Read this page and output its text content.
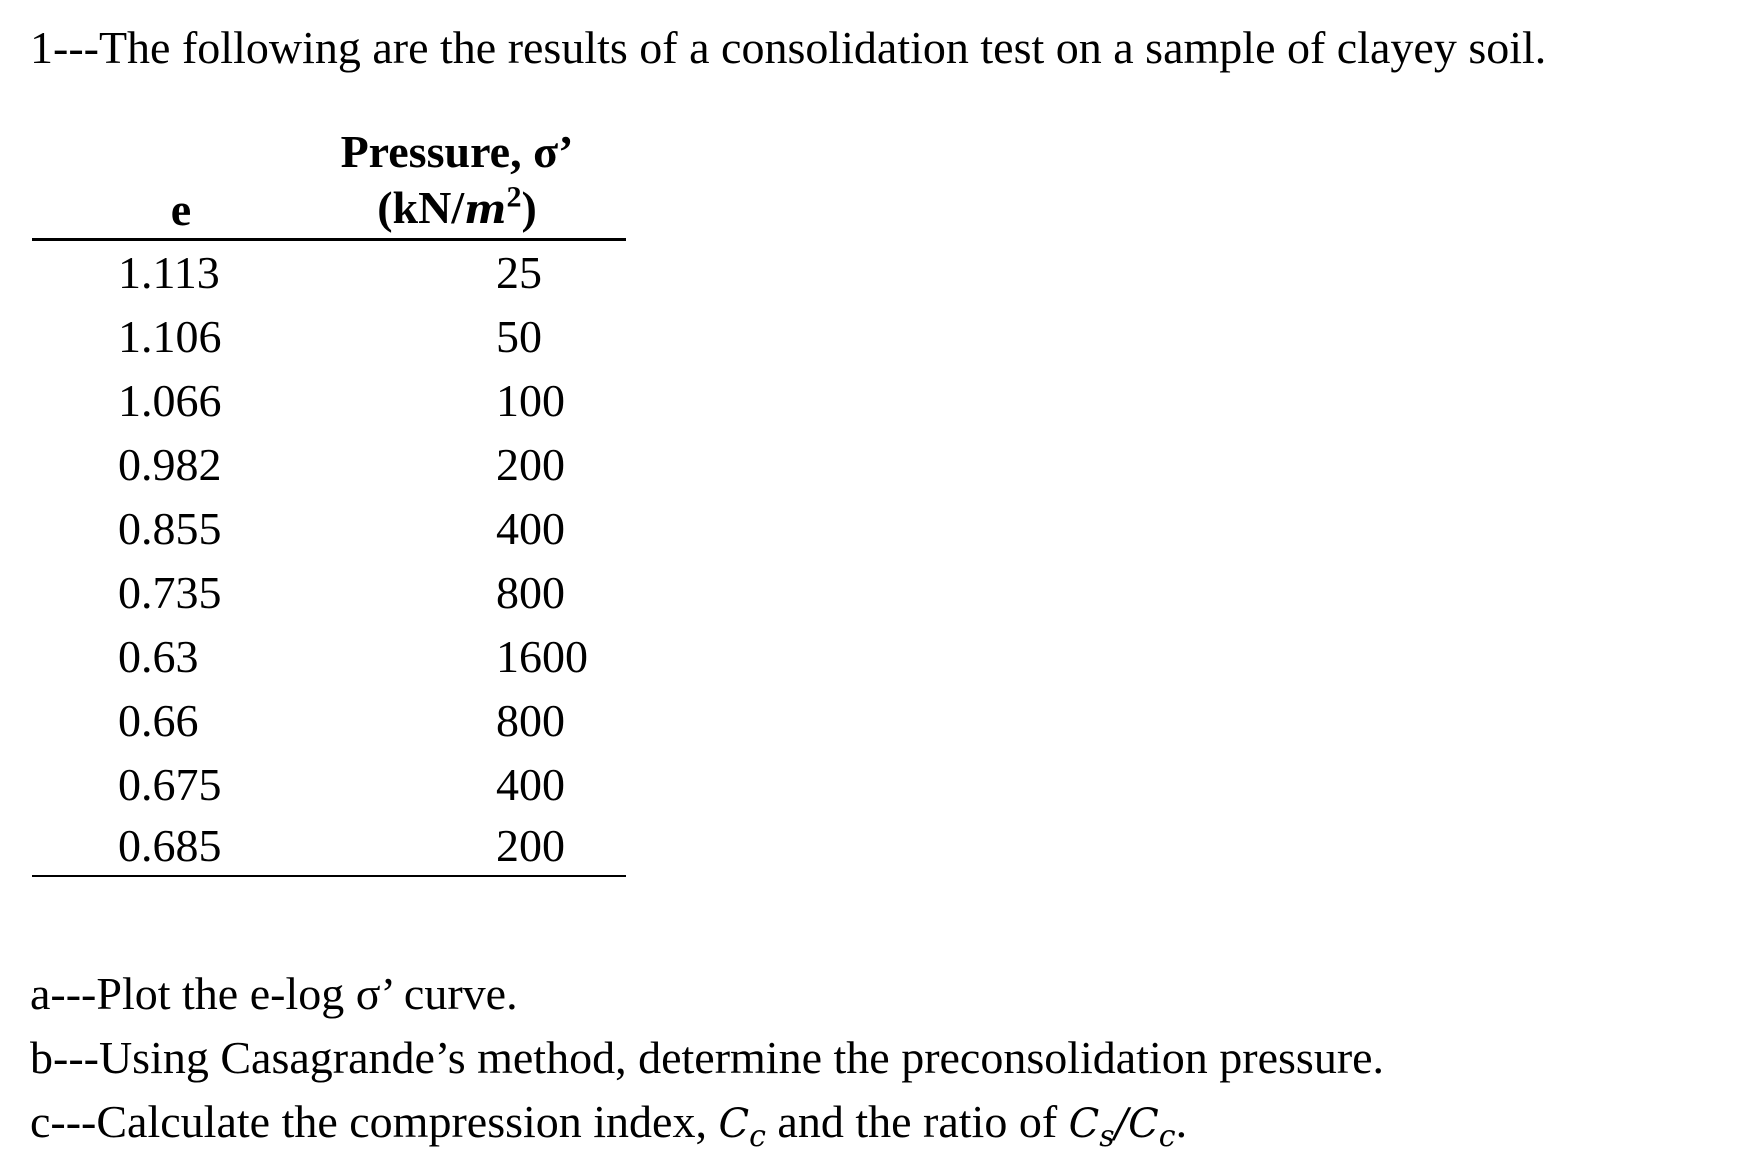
1---The following are the results of a consolidation test on a sample of clayey soil.
e	Pressure, σ’
$(kN/m^2)$

1.113	25
1.106	50
1.066	100
0.982	200
0.855	400
0.735	800
0.63	1600
0.66	800
0.675	400
0.685	200
a---Plot the e-log σ’ curve.
b---Using Casagrande’s method, determine the preconsolidation pressure.
c---Calculate the compression index, $C_c$ and the ratio of $C_s/C_c$.
